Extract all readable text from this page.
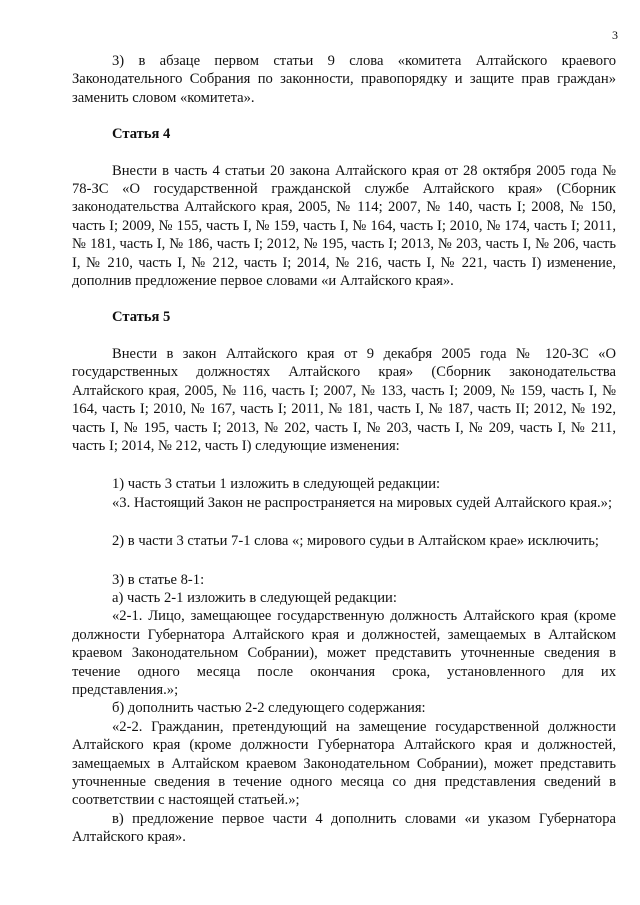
3

3) в абзаце первом статьи 9 слова «комитета Алтайского краевого Законодательного Собрания по законности, правопорядку и защите прав граждан» заменить словом «комитета».

Статья 4

Внести в часть 4 статьи 20 закона Алтайского края от 28 октября 2005 года № 78-ЗС «О государственной гражданской службе Алтайского края» (Сборник законодательства Алтайского края, 2005, № 114; 2007, № 140, часть I; 2008, № 150, часть I; 2009, № 155, часть I, № 159, часть I, № 164, часть I; 2010, № 174, часть I; 2011, № 181, часть I, № 186, часть I; 2012, № 195, часть I; 2013, № 203, часть I, № 206, часть I, № 210, часть I, № 212, часть I; 2014, № 216, часть I, № 221, часть I) изменение, дополнив предложение первое словами «и Алтайского края».

Статья 5

Внести в закон Алтайского края от 9 декабря 2005 года № 120-ЗС «О государственных должностях Алтайского края» (Сборник законодательства Алтайского края, 2005, № 116, часть I; 2007, № 133, часть I; 2009, № 159, часть I, № 164, часть I; 2010, № 167, часть I; 2011, № 181, часть I, № 187, часть II; 2012, № 192, часть I, № 195, часть I; 2013, № 202, часть I, № 203, часть I, № 209, часть I, № 211, часть I; 2014, № 212, часть I) следующие изменения:

1) часть 3 статьи 1 изложить в следующей редакции:

«3. Настоящий Закон не распространяется на мировых судей Алтайского края.»;

2) в части 3 статьи 7-1 слова «; мирового судьи в Алтайском крае» исключить;

3) в статье 8-1:

а) часть 2-1 изложить в следующей редакции:

«2-1. Лицо, замещающее государственную должность Алтайского края (кроме должности Губернатора Алтайского края и должностей, замещаемых в Алтайском краевом Законодательном Собрании), может представить уточненные сведения в течение одного месяца после окончания срока, установленного для их представления.»;

б) дополнить частью 2-2 следующего содержания:

«2-2. Гражданин, претендующий на замещение государственной должности Алтайского края (кроме должности Губернатора Алтайского края и должностей, замещаемых в Алтайском краевом Законодательном Собрании), может представить уточненные сведения в течение одного месяца со дня представления сведений в соответствии с настоящей статьей.»;

в) предложение первое части 4 дополнить словами «и указом Губернатора Алтайского края».
